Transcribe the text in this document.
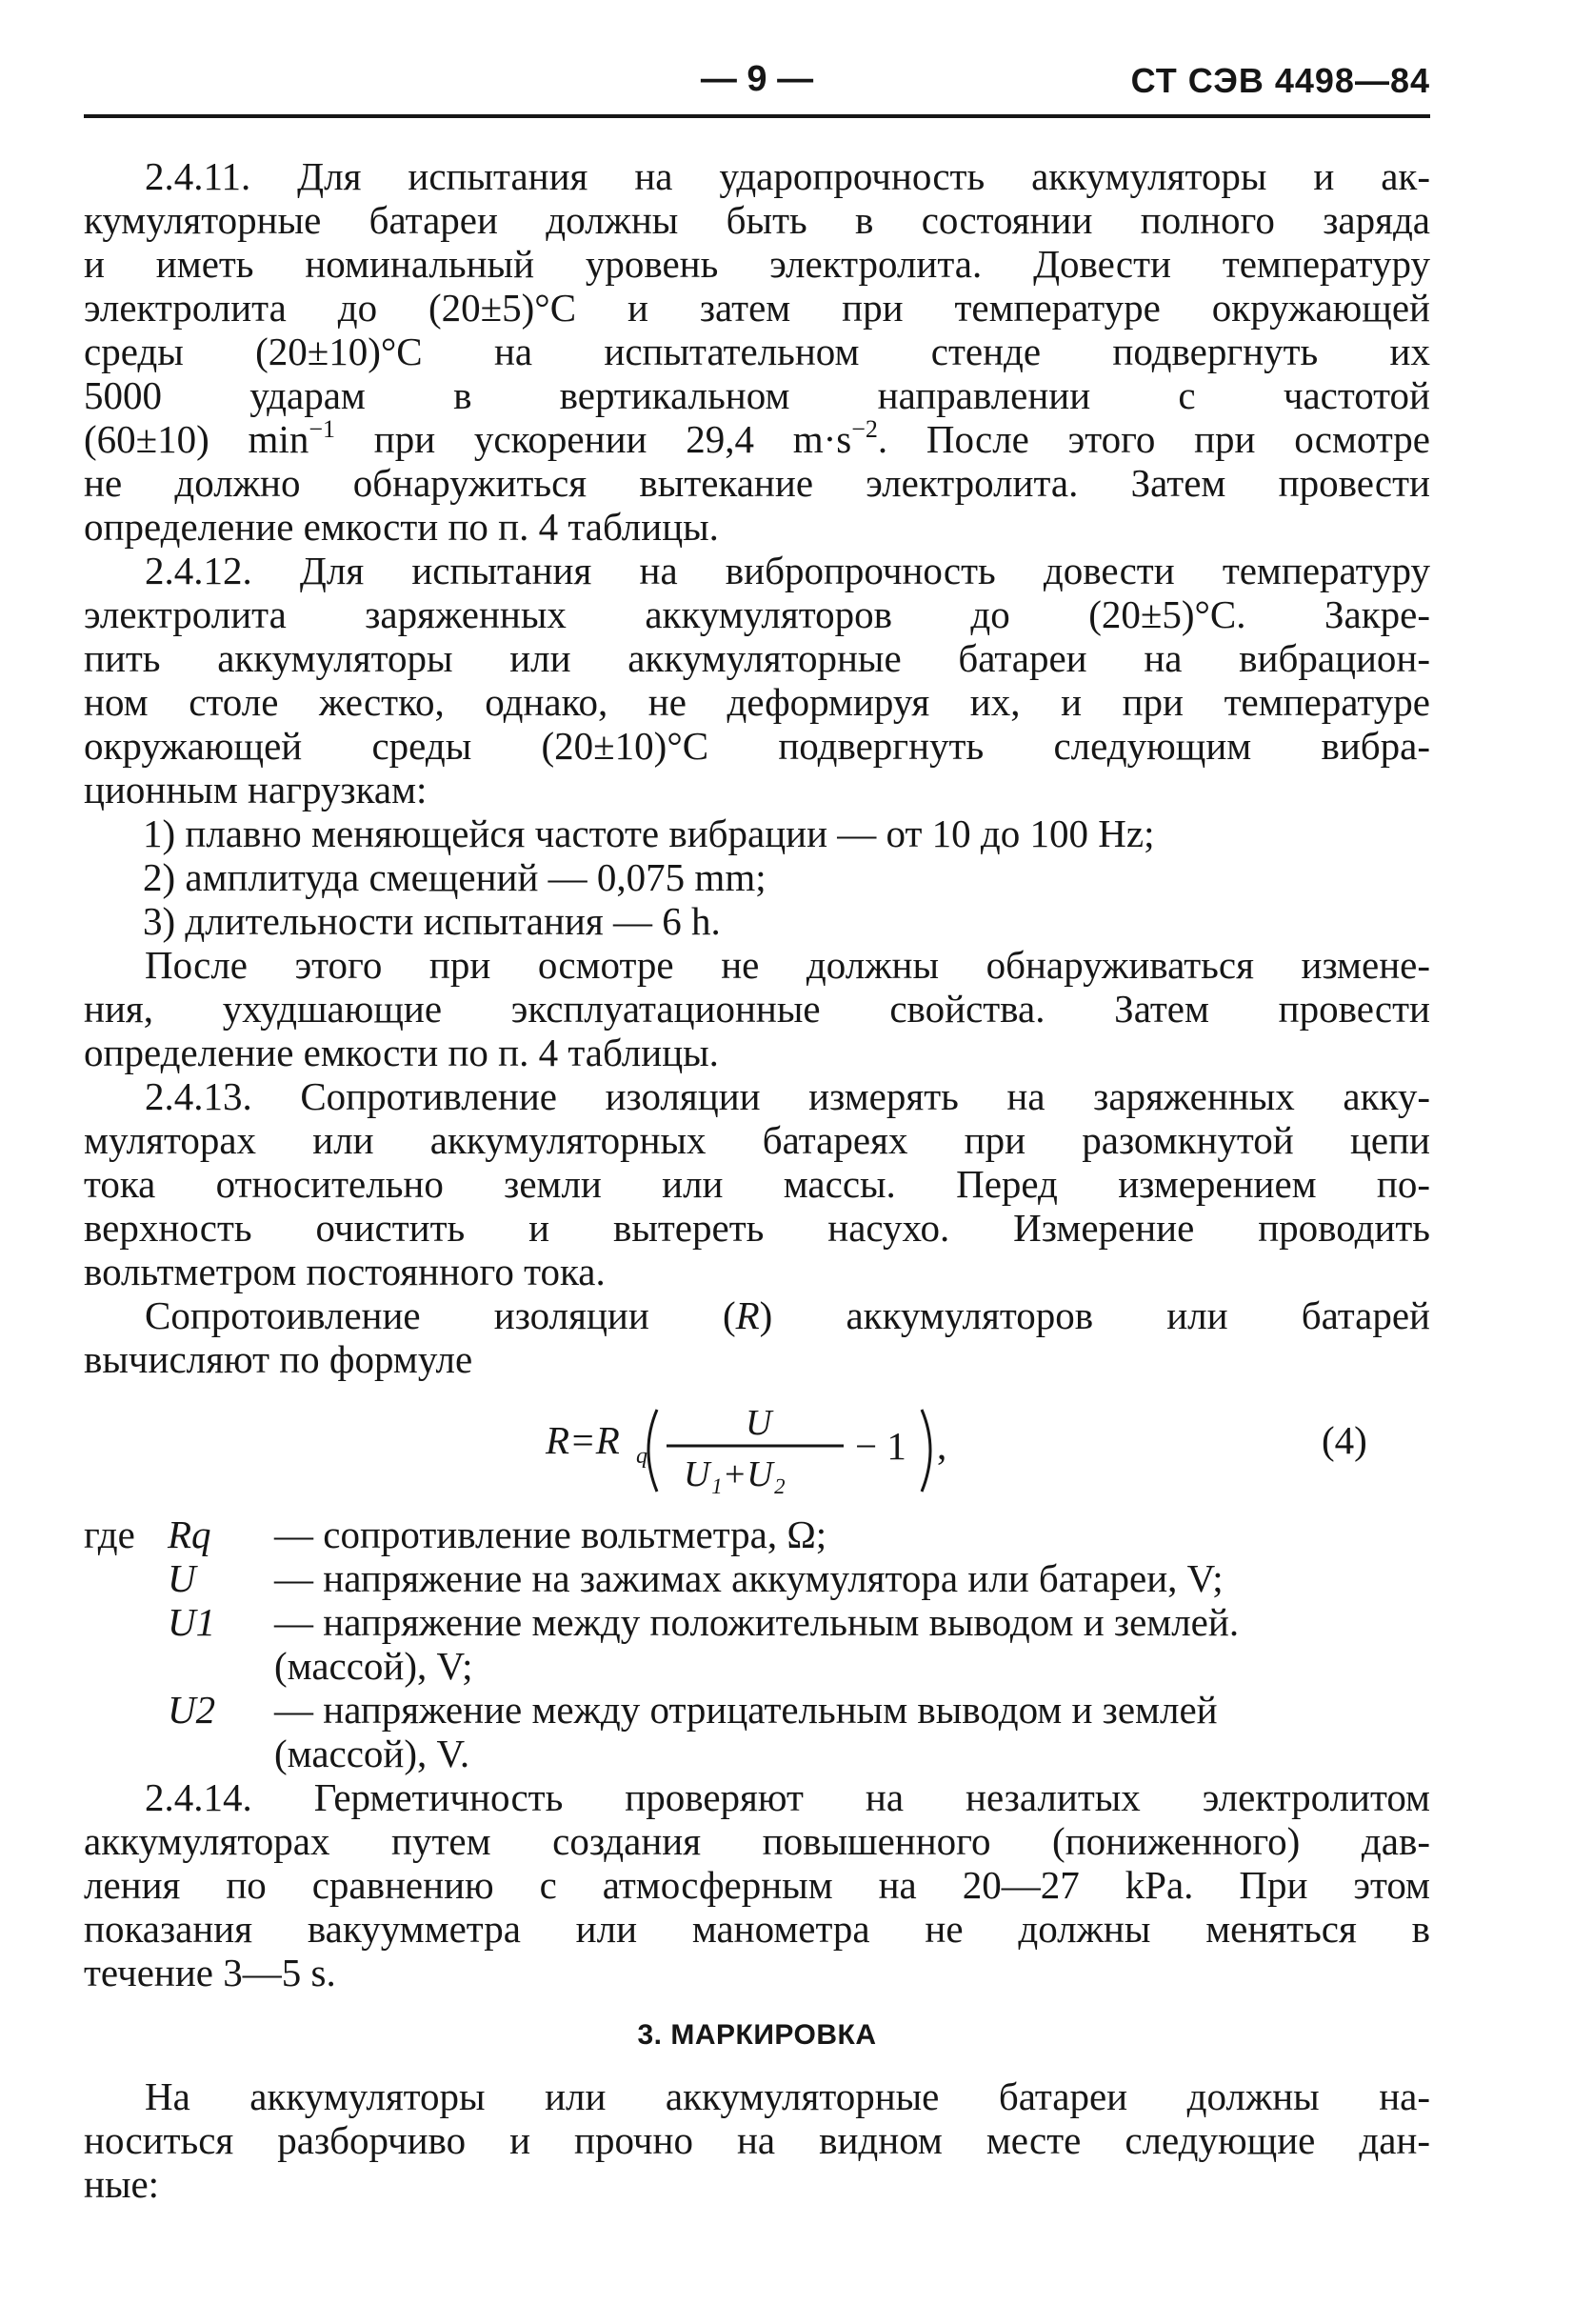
— 9 —	СТ СЭВ 4498—84

2.4.11. Для испытания на ударопрочность аккумуляторы и ак-

кумуляторные батареи должны быть в состоянии полного заряда

и иметь номинальный уровень электролита. Довести температуру

электролита до (20±5)°C и затем при температуре окружающей

среды (20±10)°C на испытательном стенде подвергнуть их

5000 ударам в вертикальном направлении с частотой

(60±10) $\min^{-1}$ при ускорении 29,4 $m\cdot s^{-2}$. После этого при осмотре

не должно обнаружиться вытекание электролита. Затем провести

определение емкости по п. 4 таблицы.

2.4.12. Для испытания на вибропрочность довести температуру

электролита заряженных аккумуляторов до (20±5)°C. Закре-

пить аккумуляторы или аккумуляторные батареи на вибрацион-

ном столе жестко, однако, не деформируя их, и при температуре

окружающей среды (20±10)°C подвергнуть следующим вибра-

ционным нагрузкам:

1) плавно меняющейся частоте вибрации — от 10 до 100 Hz;

2) амплитуда смещений — 0,075 mm;

3) длительности испытания — 6 h.

После этого при осмотре не должны обнаруживаться измене-

ния, ухудшающие эксплуатационные свойства. Затем провести

определение емкости по п. 4 таблицы.

2.4.13. Сопротивление изоляции измерять на заряженных акку-

муляторах или аккумуляторных батареях при разомкнутой цепи

тока относительно земли или массы. Перед измерением по-

верхность очистить и вытереть насухо. Измерение проводить

вольтметром постоянного тока.

Сопротоивление изоляции (R) аккумуляторов или батарей

вычисляют по формуле

R=R q
U
U₁+U₂
− 1 ,	(4)
где Rq	— сопротивление вольтметра, Ω;
U	— напряжение на зажимах аккумулятора или батареи, V;
U1	— напряжение между положительным выводом и землей.
(массой), V;
U2	— напряжение между отрицательным выводом и землей
(массой), V.

2.4.14. Герметичность проверяют на незалитых электролитом

аккумуляторах путем создания повышенного (пониженного) дав-

ления по сравнению с атмосферным на 20—27 kPa. При этом

показания вакуумметра или манометра не должны меняться в

течение 3—5 s.

3. МАРКИРОВКА

На аккумуляторы или аккумуляторные батареи должны на-

носиться разборчиво и прочно на видном месте следующие дан-

ные:
